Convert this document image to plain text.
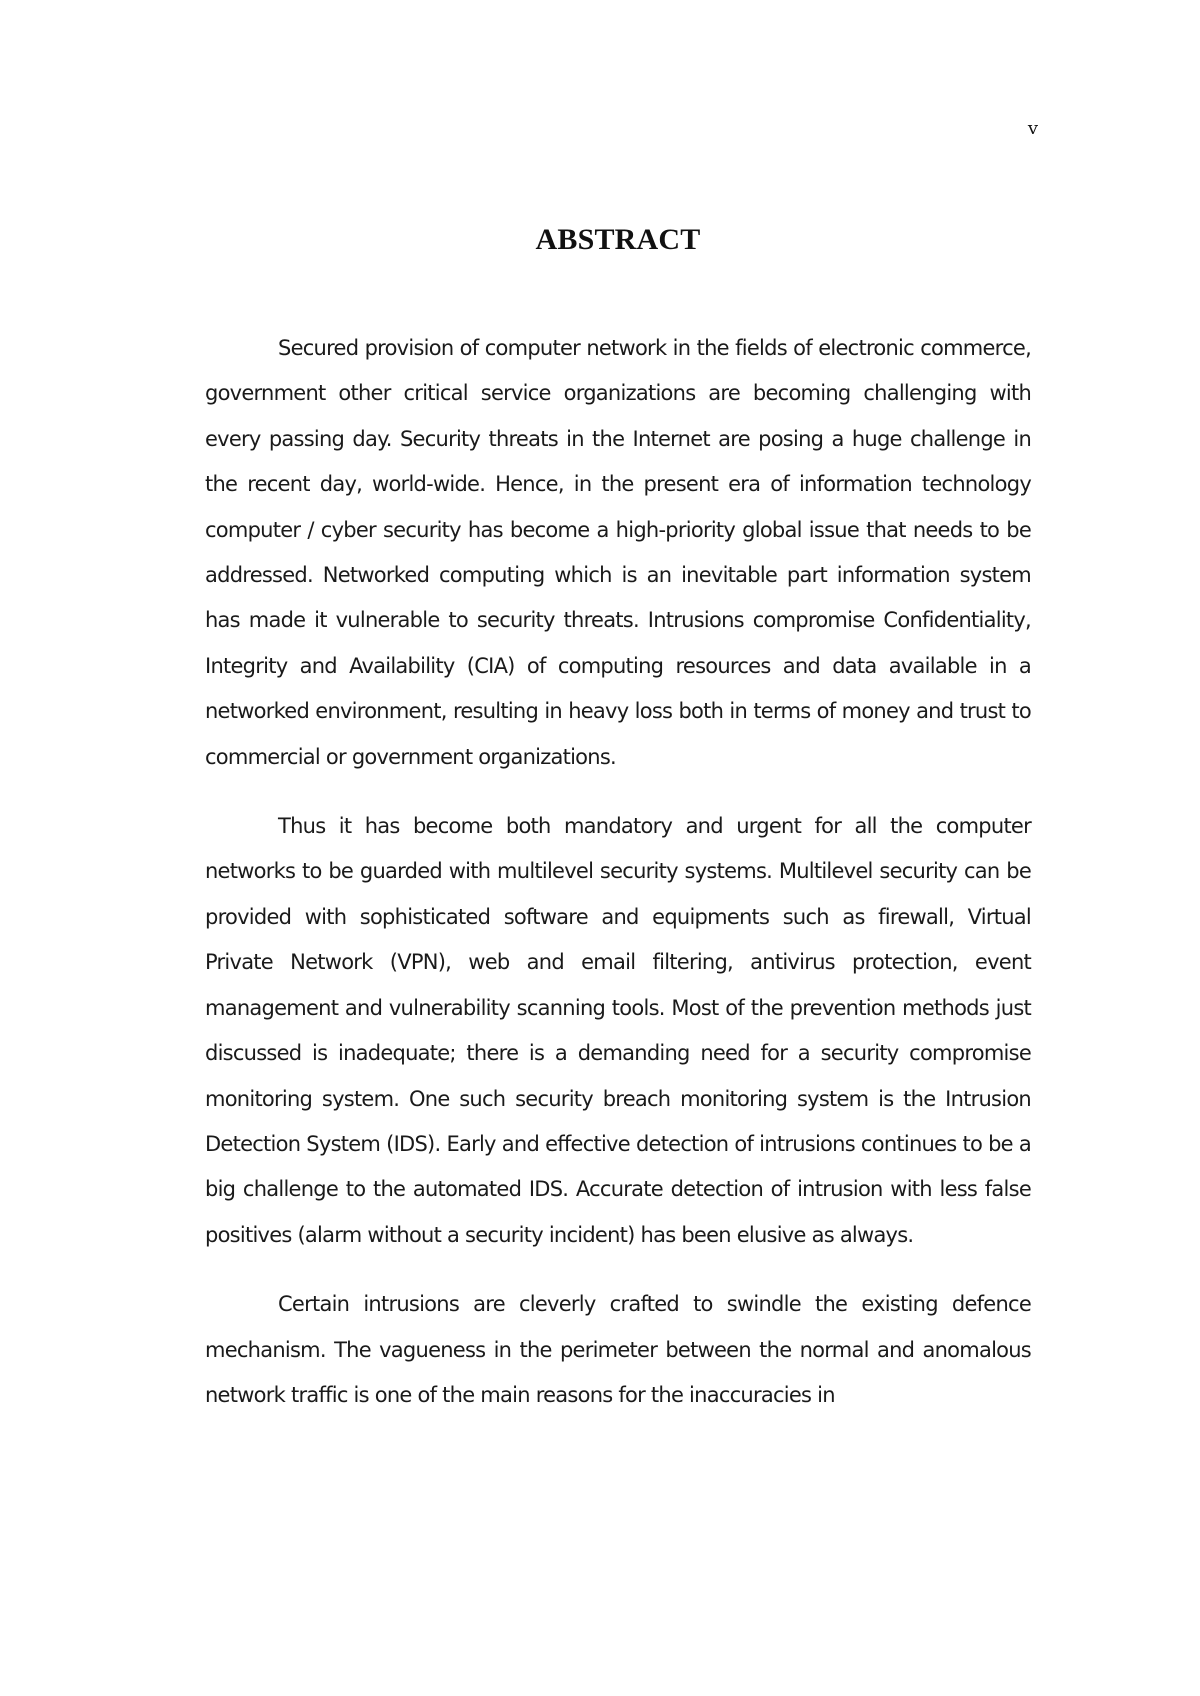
v
ABSTRACT

Secured provision of computer network in the fields of electronic commerce, government other critical service organizations are becoming challenging with every passing day. Security threats in the Internet are posing a huge challenge in the recent day, world-wide. Hence, in the present era of information technology computer / cyber security has become a high-priority global issue that needs to be addressed. Networked computing which is an inevitable part information system has made it vulnerable to security threats. Intrusions compromise Confidentiality, Integrity and Availability (CIA) of computing resources and data available in a networked environment, resulting in heavy loss both in terms of money and trust to commercial or government organizations.

Thus it has become both mandatory and urgent for all the computer networks to be guarded with multilevel security systems. Multilevel security can be provided with sophisticated software and equipments such as firewall, Virtual Private Network (VPN), web and email filtering, antivirus protection, event management and vulnerability scanning tools. Most of the prevention methods just discussed is inadequate; there is a demanding need for a security compromise monitoring system. One such security breach monitoring system is the Intrusion Detection System (IDS). Early and effective detection of intrusions continues to be a big challenge to the automated IDS. Accurate detection of intrusion with less false positives (alarm without a security incident) has been elusive as always.

Certain intrusions are cleverly crafted to swindle the existing defence mechanism. The vagueness in the perimeter between the normal and anomalous network traffic is one of the main reasons for the inaccuracies in
